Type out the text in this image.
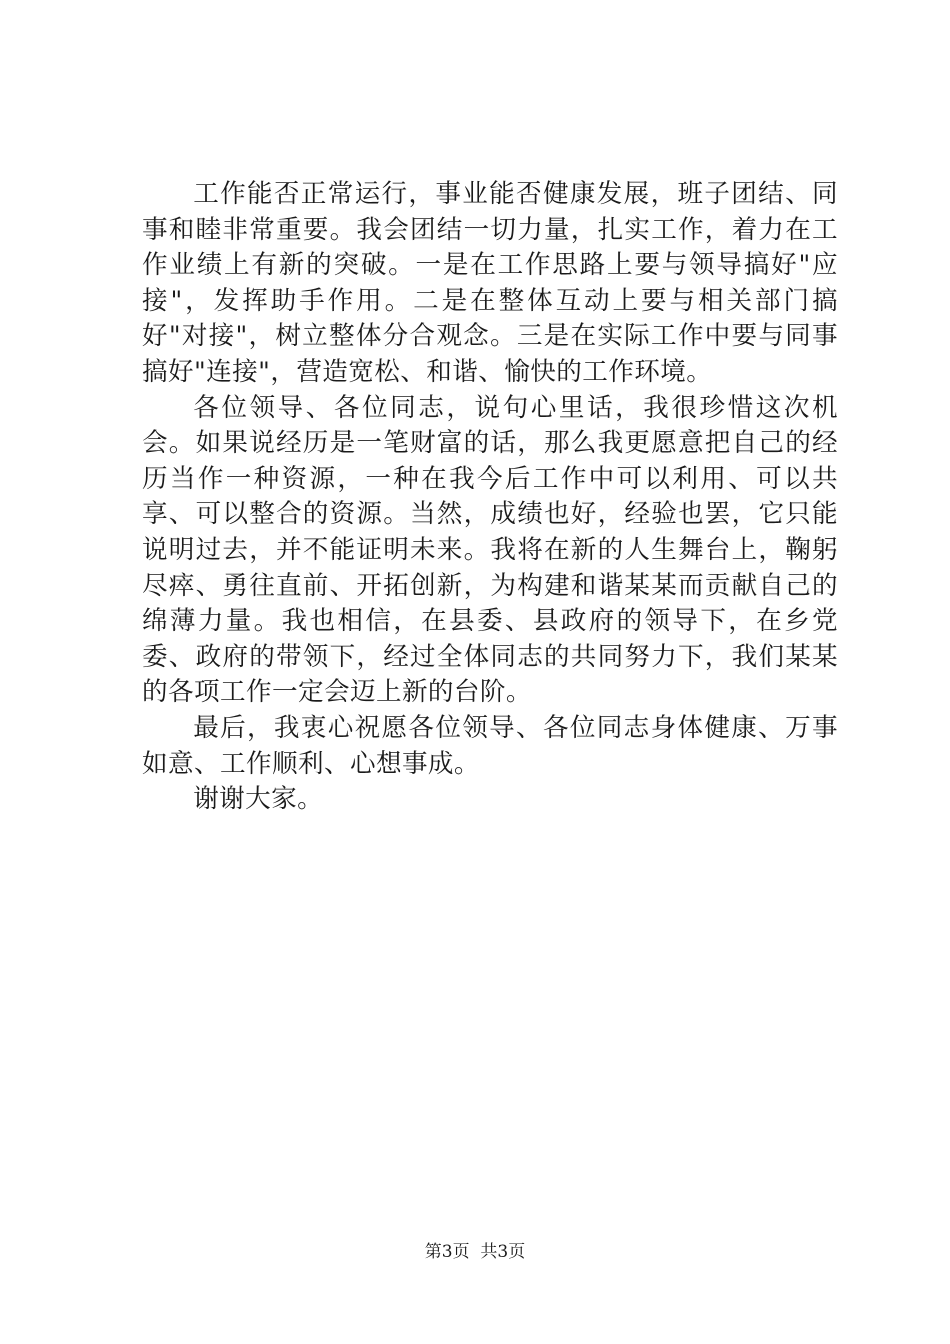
工作能否正常运行，事业能否健康发展，班子团结、同事和睦非常重要。我会团结一切力量，扎实工作，着力在工作业绩上有新的突破。一是在工作思路上要与领导搞好"应接"，发挥助手作用。二是在整体互动上要与相关部门搞好"对接"，树立整体分合观念。三是在实际工作中要与同事搞好"连接"，营造宽松、和谐、愉快的工作环境。

各位领导、各位同志，说句心里话，我很珍惜这次机会。如果说经历是一笔财富的话，那么我更愿意把自己的经历当作一种资源，一种在我今后工作中可以利用、可以共享、可以整合的资源。当然，成绩也好，经验也罢，它只能说明过去，并不能证明未来。我将在新的人生舞台上，鞠躬尽瘁、勇往直前、开拓创新，为构建和谐某某而贡献自己的绵薄力量。我也相信，在县委、县政府的领导下，在乡党委、政府的带领下，经过全体同志的共同努力下，我们某某的各项工作一定会迈上新的台阶。

最后，我衷心祝愿各位领导、各位同志身体健康、万事如意、工作顺利、心想事成。

谢谢大家。

第3页  共3页
